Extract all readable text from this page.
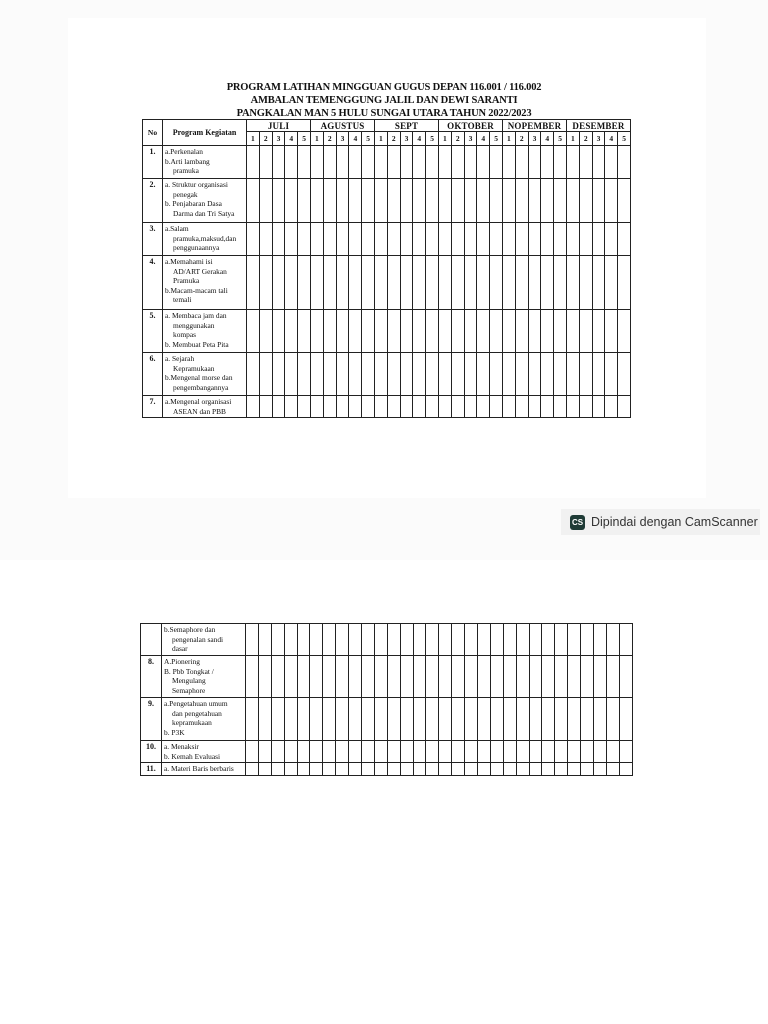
PROGRAM LATIHAN MINGGUAN GUGUS DEPAN 116.001 / 116.002
AMBALAN TEMENGGUNG JALIL DAN DEWI SARANTI
PANGKALAN MAN 5 HULU SUNGAI UTARA TAHUN 2022/2023
No	Program Kegiatan	JULI					AGUSTUS					SEPT					OKTOBER					NOPEMBER					DESEMBER				
		1	2	3	4	5	1	2	3	4	5	1	2	3	4	5	1	2	3	4	5	1	2	3	4	5	1	2	3	4	5
1.	a.Perkenalan
b.Arti lambang
pramuka																														

2.	a. Struktur organisasi
penegak
b. Penjabaran Dasa
Darma dan Tri Satya																														

3.	a.Salam
pramuka,maksud,dan
penggunaannya																														

4.	a.Memahami isi
AD/ART Gerakan
Pramuka
b.Macam-macam tali
temali																														

5.	a. Membaca jam dan
menggunakan
kompas
b. Membuat Peta Pita																														

6.	a. Sejarah
Kepramukaan
b.Mengenal morse dan
pengembangannya																														

7.	a.Mengenal organisasi
ASEAN dan PBB																														

	b.Semaphore dan
pengenalan sandi
dasar																														

8.	A.Pionering
B. Pbb Tongkat /
Mengulang
Semaphore																														

9.	a.Pengetahuan umum
dan pengetahuan
kepramukaan
b. P3K																														

10.	a. Menaksir
b. Kemah Evaluasi																														

11.	a. Materi Baris berbaris																														

CS Dipindai dengan CamScanner
